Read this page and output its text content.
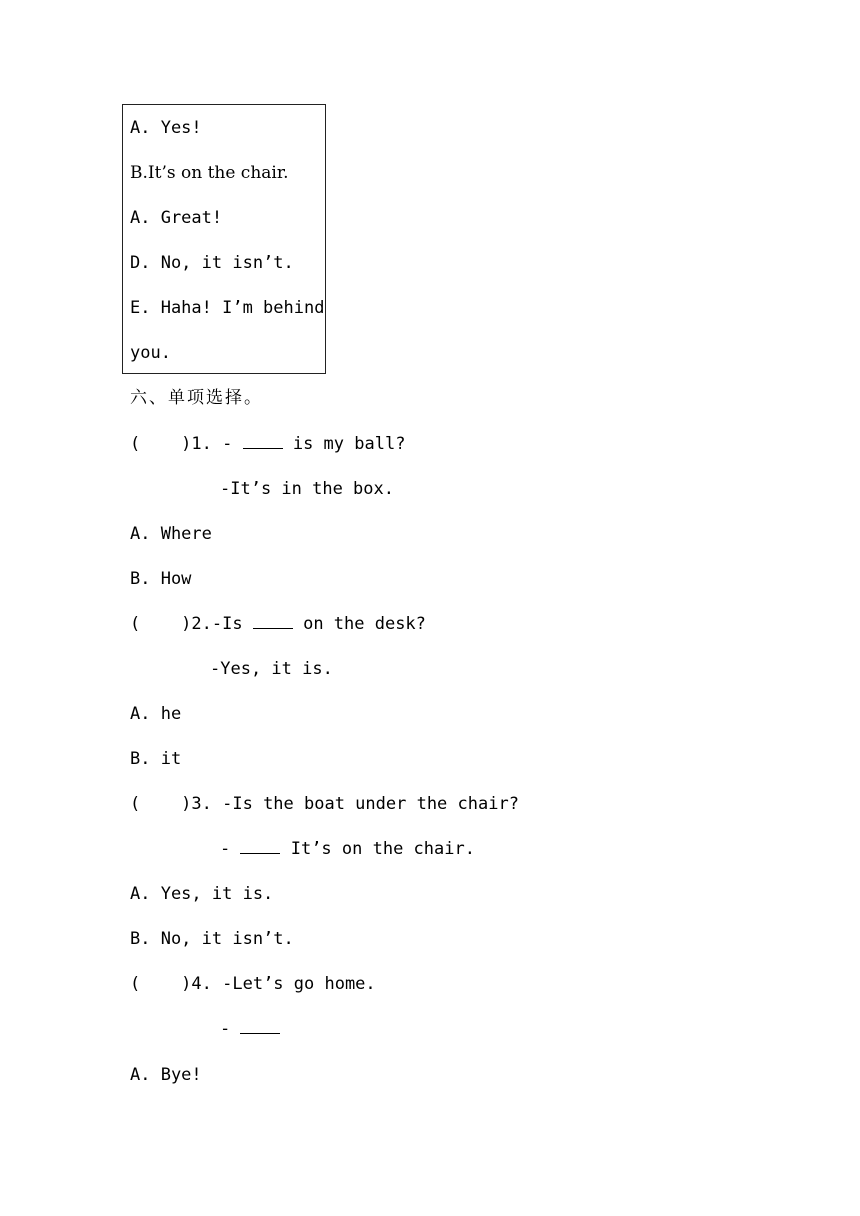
A. Yes!
B.It’s on the chair.
A. Great!
D. No, it isn’t.
E. Haha! I’m behind
you.
六、单项选择。
(    )1. -  is my ball?
-It’s in the box.
A. Where
B. How
(    )2.-Is  on the desk?
-Yes, it is.
A. he
B. it
(    )3. -Is the boat under the chair?
-  It’s on the chair.
A. Yes, it is.
B. No, it isn’t.
(    )4. -Let’s go home.
-
A. Bye!
